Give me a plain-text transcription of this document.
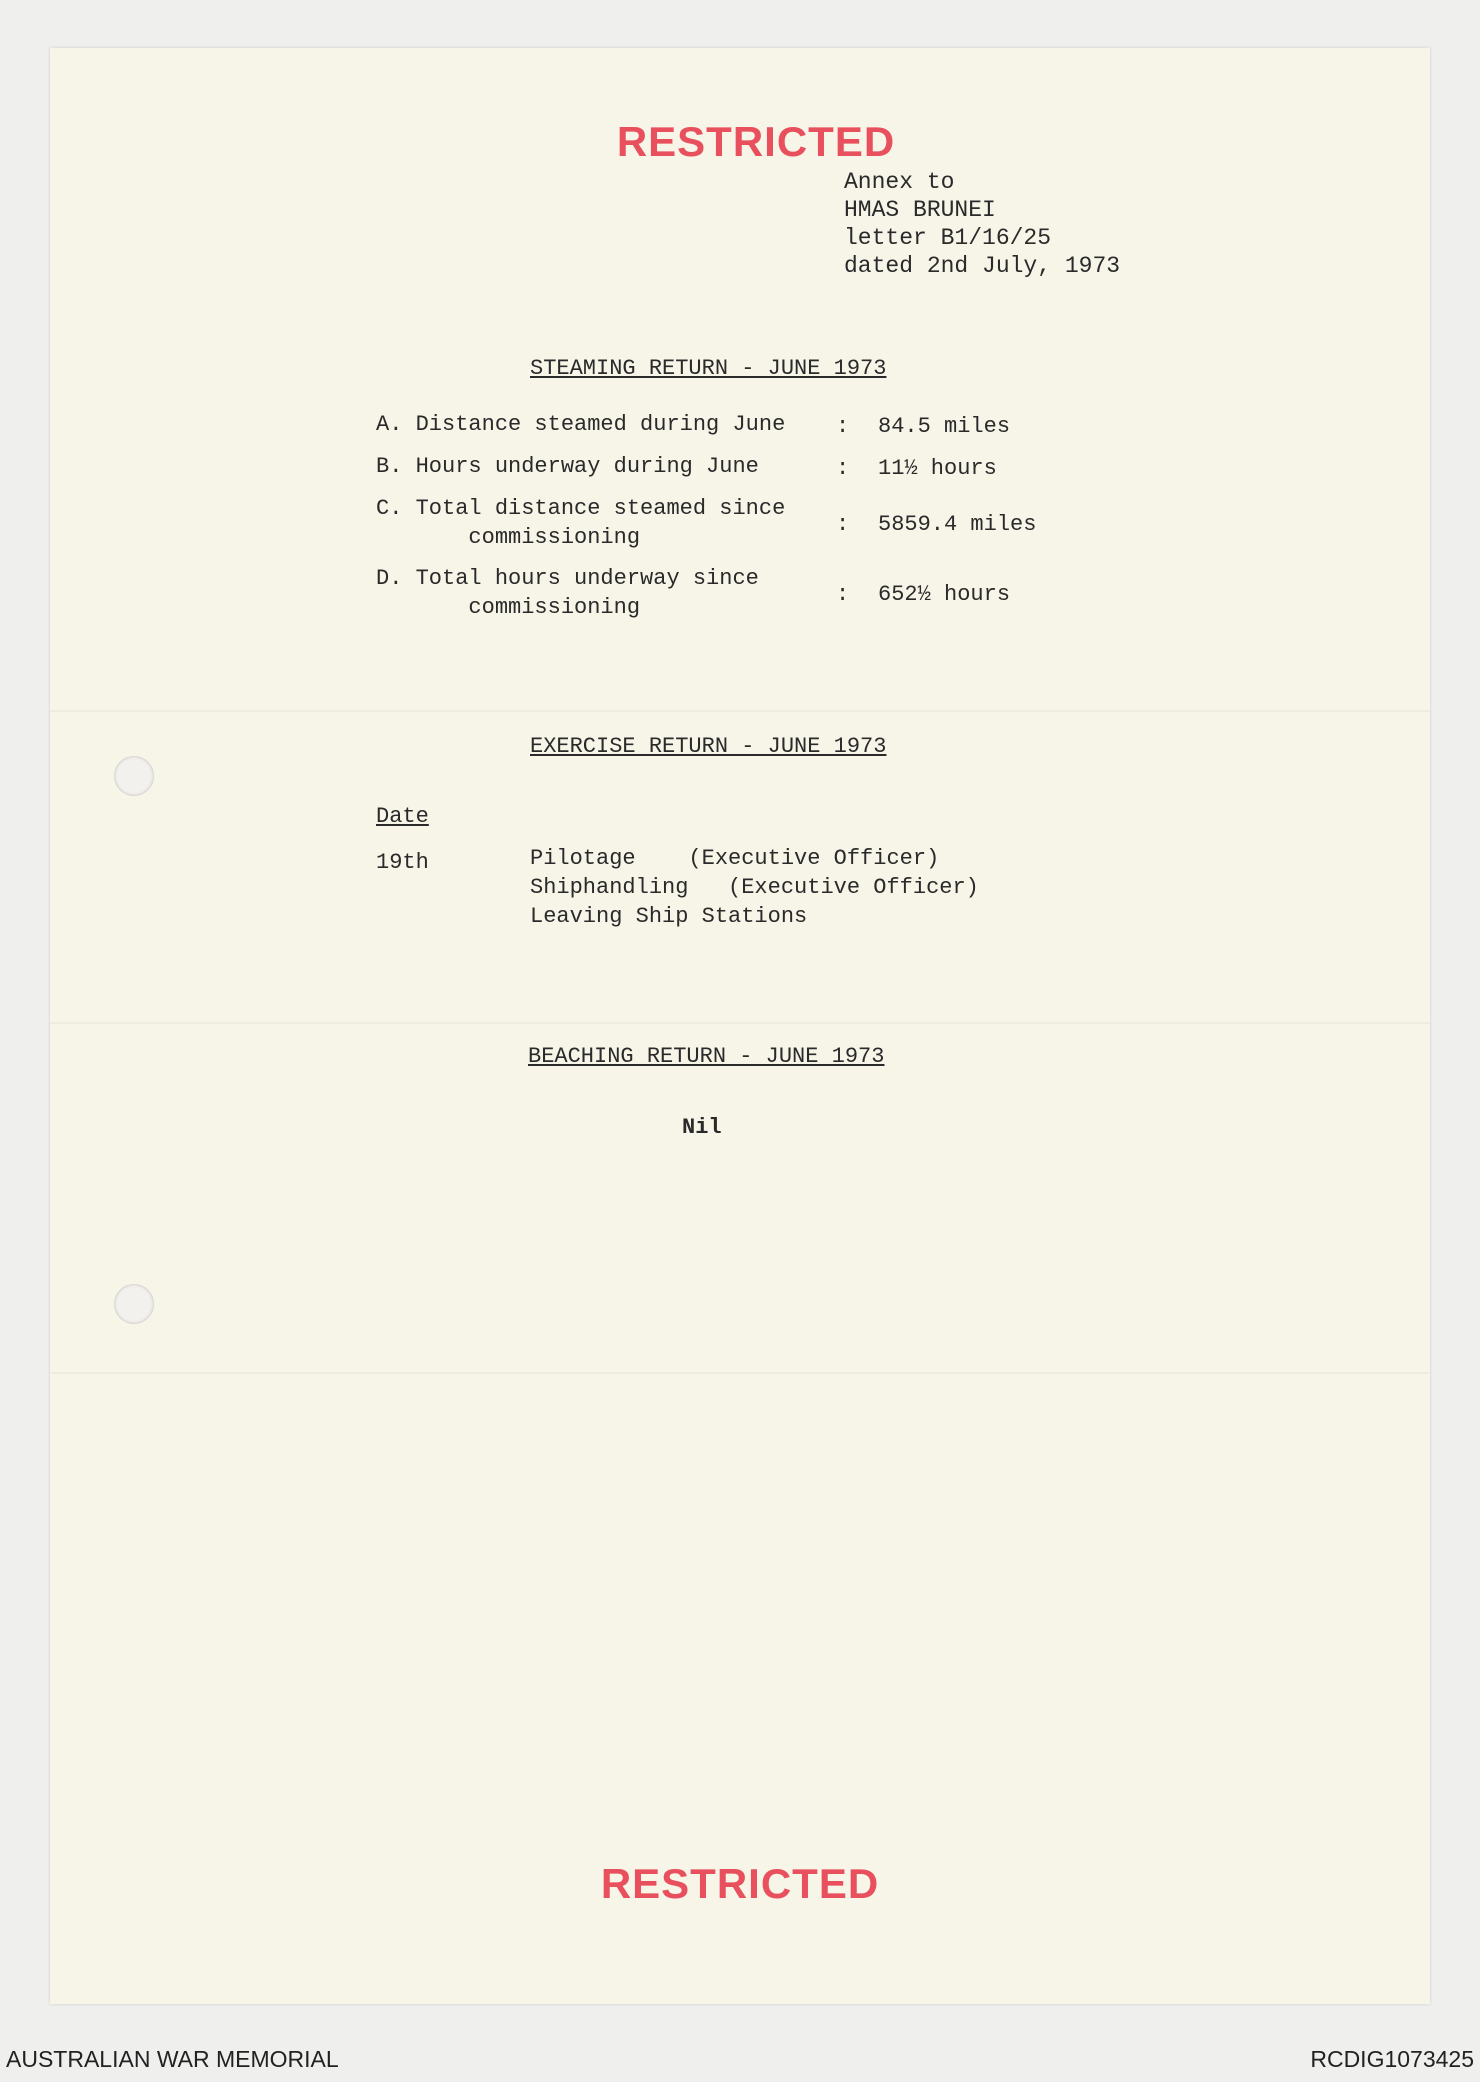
RESTRICTED
Annex to
HMAS BRUNEI
letter B1/16/25
dated 2nd July, 1973
STEAMING RETURN - JUNE 1973
A. Distance steamed during June : 84.5 miles
B. Hours underway during June	: 11½ hours
C. Total distance steamed since
commissioning
: 5859.4 miles
D. Total hours underway since
commissioning
: 652½ hours
EXERCISE RETURN - JUNE 1973
Date
19th	Pilotage    (Executive Officer)
Shiphandling   (Executive Officer)
Leaving Ship Stations
BEACHING RETURN - JUNE 1973
Nil
RESTRICTED
AUSTRALIAN WAR MEMORIAL	RCDIG1073425
